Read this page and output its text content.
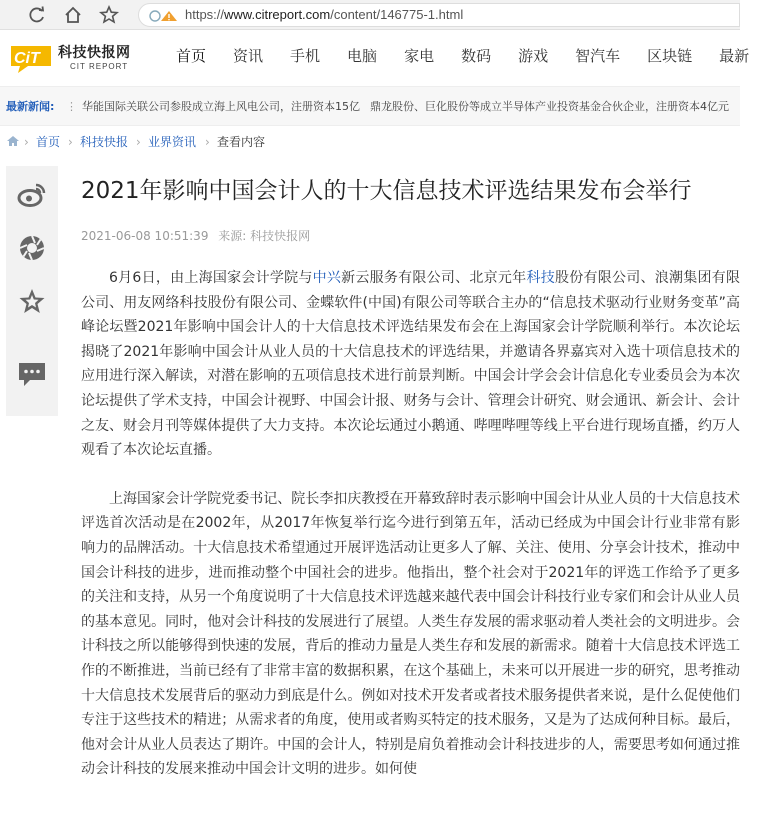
https://www.citreport.com/content/146775-1.html
CiT 科技快报网
CIT REPORT
首页 资讯 手机 电脑 家电 数码 游戏 智汽车 区块链 最新
最新新闻: ⋮ 华能国际关联公司参股成立海上风电公司，注册资本15亿 鼎龙股份、巨化股份等成立半导体产业投资基金合伙企业，注册资本4亿元
› 首页 › 科技快报 › 业界资讯 › 查看内容
2021年影响中国会计人的十大信息技术评选结果发布会举行
2021-06-08 10:51:39 来源: 科技快报网

6月6日，由上海国家会计学院与中兴新云服务有限公司、北京元年科技股份有限公司、浪潮集团有限公司、用友网络科技股份有限公司、金蝶软件(中国)有限公司等联合主办的“信息技术驱动行业财务变革”高峰论坛暨2021年影响中国会计人的十大信息技术评选结果发布会在上海国家会计学院顺利举行。本次论坛揭晓了2021年影响中国会计从业人员的十大信息技术的评选结果，并邀请各界嘉宾对入选十项信息技术的应用进行深入解读，对潜在影响的五项信息技术进行前景判断。中国会计学会会计信息化专业委员会为本次论坛提供了学术支持，中国会计视野、中国会计报、财务与会计、管理会计研究、财会通讯、新会计、会计之友、财会月刊等媒体提供了大力支持。本次论坛通过小鹅通、哔哩哔哩等线上平台进行现场直播，约万人观看了本次论坛直播。

上海国家会计学院党委书记、院长李扣庆教授在开幕致辞时表示影响中国会计从业人员的十大信息技术评选首次活动是在2002年，从2017年恢复举行迄今进行到第五年，活动已经成为中国会计行业非常有影响力的品牌活动。十大信息技术希望通过开展评选活动让更多人了解、关注、使用、分享会计技术，推动中国会计科技的进步，进而推动整个中国社会的进步。他指出，整个社会对于2021年的评选工作给予了更多的关注和支持，从另一个角度说明了十大信息技术评选越来越代表中国会计科技行业专家们和会计从业人员的基本意见。同时，他对会计科技的发展进行了展望。人类生存发展的需求驱动着人类社会的文明进步。会计科技之所以能够得到快速的发展，背后的推动力量是人类生存和发展的新需求。随着十大信息技术评选工作的不断推进，当前已经有了非常丰富的数据积累，在这个基础上，未来可以开展进一步的研究，思考推动十大信息技术发展背后的驱动力到底是什么。例如对技术开发者或者技术服务提供者来说，是什么促使他们专注于这些技术的精进；从需求者的角度，使用或者购买特定的技术服务，又是为了达成何种目标。最后，他对会计从业人员表达了期许。中国的会计人，特别是肩负着推动会计科技进步的人，需要思考如何通过推动会计科技的发展来推动中国会计文明的进步。如何使
